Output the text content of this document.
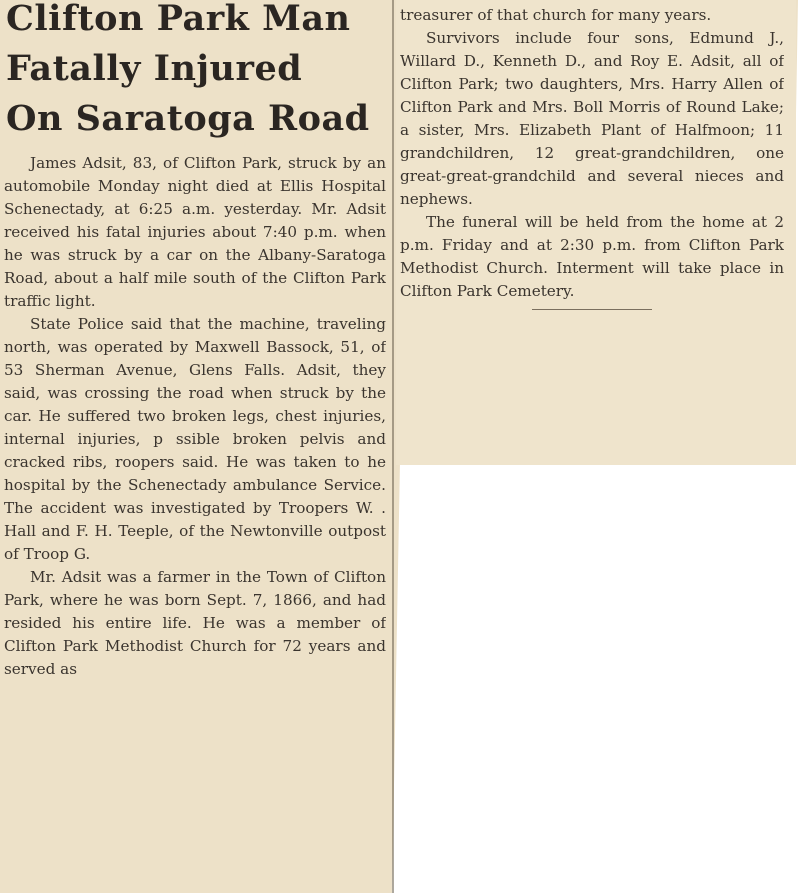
Clifton Park Man
Fatally Injured
On Saratoga Road

James Adsit, 83, of Clifton Park, struck by an automobile Monday night died at Ellis Hospital Schenectady, at 6:25 a.m. yesterday. Mr. Adsit received his fatal injuries about 7:40 p.m. when he was struck by a car on the Albany-Saratoga Road, about a half mile south of the Clifton Park traffic light.

State Police said that the machine, traveling north, was operated by Maxwell Bassock, 51, of 53 Sherman Avenue, Glens Falls. Adsit, they said, was crossing the road when struck by the car. He suffered two broken legs, chest injuries, internal injuries, p ssible broken pelvis and cracked ribs, roopers said. He was taken to he hospital by the Schenectady ambulance Service. The accident was investigated by Troopers W. . Hall and F. H. Teeple, of the Newtonville outpost of Troop G.

Mr. Adsit was a farmer in the Town of Clifton Park, where he was born Sept. 7, 1866, and had resided his entire life. He was a member of Clifton Park Methodist Church for 72 years and served as

treasurer of that church for many years.

Survivors include four sons, Edmund J., Willard D., Kenneth D., and Roy E. Adsit, all of Clifton Park; two daughters, Mrs. Harry Allen of Clifton Park and Mrs. Boll Morris of Round Lake; a sister, Mrs. Elizabeth Plant of Halfmoon; 11 grandchildren, 12 great-grandchildren, one great-great-grandchild and several nieces and nephews.

The funeral will be held from the home at 2 p.m. Friday and at 2:30 p.m. from Clifton Park Methodist Church. Interment will take place in Clifton Park Cemetery.
